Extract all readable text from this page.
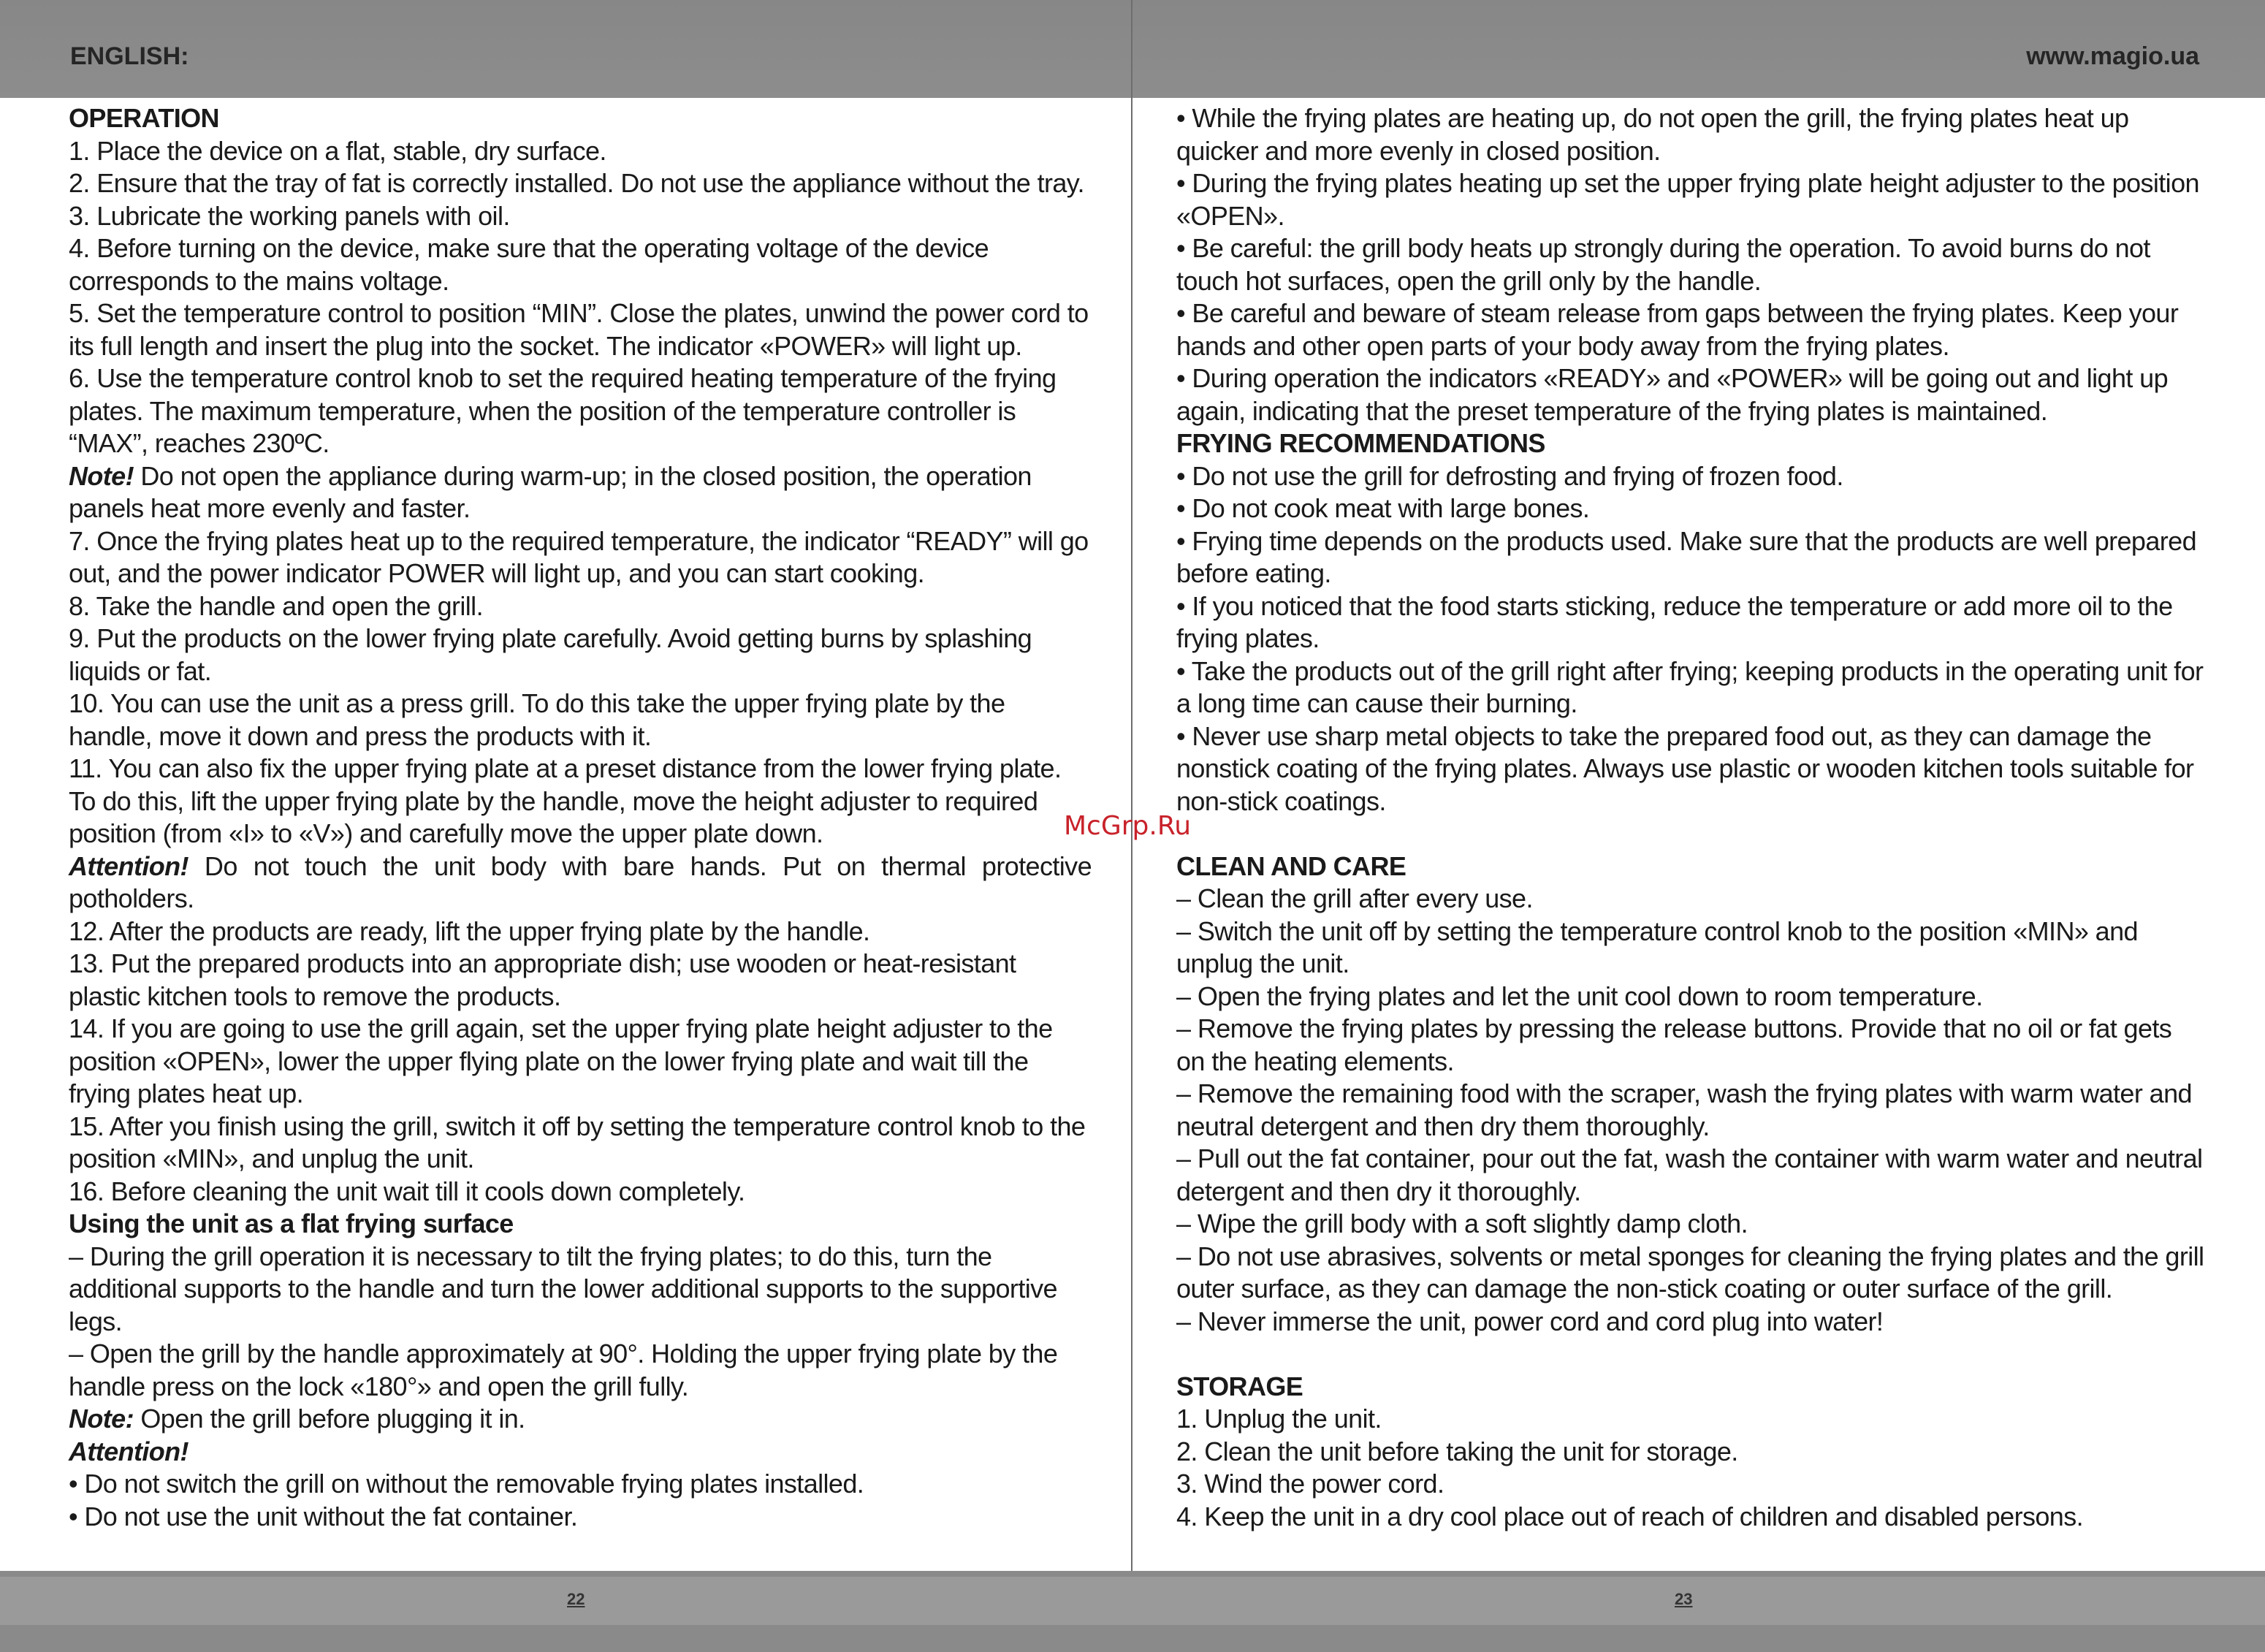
ENGLISH:	www.magio.ua

OPERATION

1. Place the device on a flat, stable, dry surface.

2. Ensure that the tray of fat is correctly installed. Do not use the appliance without the tray.

3. Lubricate the working panels with oil.

4. Before turning on the device, make sure that the operating voltage of the device corresponds to the mains voltage.

5. Set the temperature control to position “MIN”. Close the plates, unwind the power cord to its full length and insert the plug into the socket. The indicator «POWER» will light up.

6. Use the temperature control knob to set the required heating temperature of the frying plates. The maximum temperature, when the position of the temperature controller is “MAX”, reaches 230ºC.

Note! Do not open the appliance during warm-up; in the closed position, the operation panels heat more evenly and faster.

7. Once the frying plates heat up to the required temperature, the indicator “READY” will go out, and the power indicator POWER will light up, and you can start cooking.

8. Take the handle and open the grill.

9. Put the products on the lower frying plate carefully. Avoid getting burns by splashing liquids or fat.

10. You can use the unit as a press grill. To do this take the upper frying plate by the handle, move it down and press the products with it.

11. You can also fix the upper frying plate at a preset distance from the lower frying plate. To do this, lift the upper frying plate by the handle, move the height adjuster to required position (from «I» to «V») and carefully move the upper plate down.

Attention! Do not touch the unit body with bare hands. Put on thermal protective potholders.

12. After the products are ready, lift the upper frying plate by the handle.

13. Put the prepared products into an appropriate dish; use wooden or heat-resistant plastic kitchen tools to remove the products.

14. If you are going to use the grill again, set the upper frying plate height adjuster to the position «OPEN», lower the upper flying plate on the lower frying plate and wait till the frying plates heat up.

15. After you finish using the grill, switch it off by setting the temperature control knob to the position «MIN», and unplug the unit.

16. Before cleaning the unit wait till it cools down completely.

Using the unit as a flat frying surface

– During the grill operation it is necessary to tilt the frying plates; to do this, turn the additional supports to the handle and turn the lower additional supports to the supportive legs.

– Open the grill by the handle approximately at 90°. Holding the upper frying plate by the handle press on the lock «180°» and open the grill fully.

Note: Open the grill before plugging it in.

Attention!

• Do not switch the grill on without the removable frying plates installed.

• Do not use the unit without the fat container.

• While the frying plates are heating up, do not open the grill, the frying plates heat up quicker and more evenly in closed position.

• During the frying plates heating up set the upper frying plate height adjuster to the position «OPEN».

• Be careful: the grill body heats up strongly during the operation. To avoid burns do not touch hot surfaces, open the grill only by the handle.

• Be careful and beware of steam release from gaps between the frying plates. Keep your hands and other open parts of your body away from the frying plates.

• During operation the indicators «READY» and «POWER» will be going out and light up again, indicating that the preset temperature of the frying plates is maintained.

FRYING RECOMMENDATIONS

• Do not use the grill for defrosting and frying of frozen food.

• Do not cook meat with large bones.

• Frying time depends on the products used. Make sure that the products are well prepared before eating.

• If you noticed that the food starts sticking, reduce the temperature or add more oil to the frying plates.

• Take the products out of the grill right after frying; keeping products in the operating unit for a long time can cause their burning.

• Never use sharp metal objects to take the prepared food out, as they can damage the nonstick coating of the frying plates. Always use plastic or wooden kitchen tools suitable for non-stick coatings.

CLEAN AND CARE

– Clean the grill after every use.

– Switch the unit off by setting the temperature control knob to the position «MIN» and unplug the unit.

– Open the frying plates and let the unit cool down to room temperature.

– Remove the frying plates by pressing the release buttons. Provide that no oil or fat gets on the heating elements.

– Remove the remaining food with the scraper, wash the frying plates with warm water and neutral detergent and then dry them thoroughly.

– Pull out the fat container, pour out the fat, wash the container with warm water and neutral detergent and then dry it thoroughly.

– Wipe the grill body with a soft slightly damp cloth.

– Do not use abrasives, solvents or metal sponges for cleaning the frying plates and the grill outer surface, as they can damage the non-stick coating or outer surface of the grill.

– Never immerse the unit, power cord and cord plug into water!

STORAGE

1. Unplug the unit.

2. Clean the unit before taking the unit for storage.

3. Wind the power cord.

4. Keep the unit in a dry cool place out of reach of children and disabled persons.

McGrp.Ru
22	23
